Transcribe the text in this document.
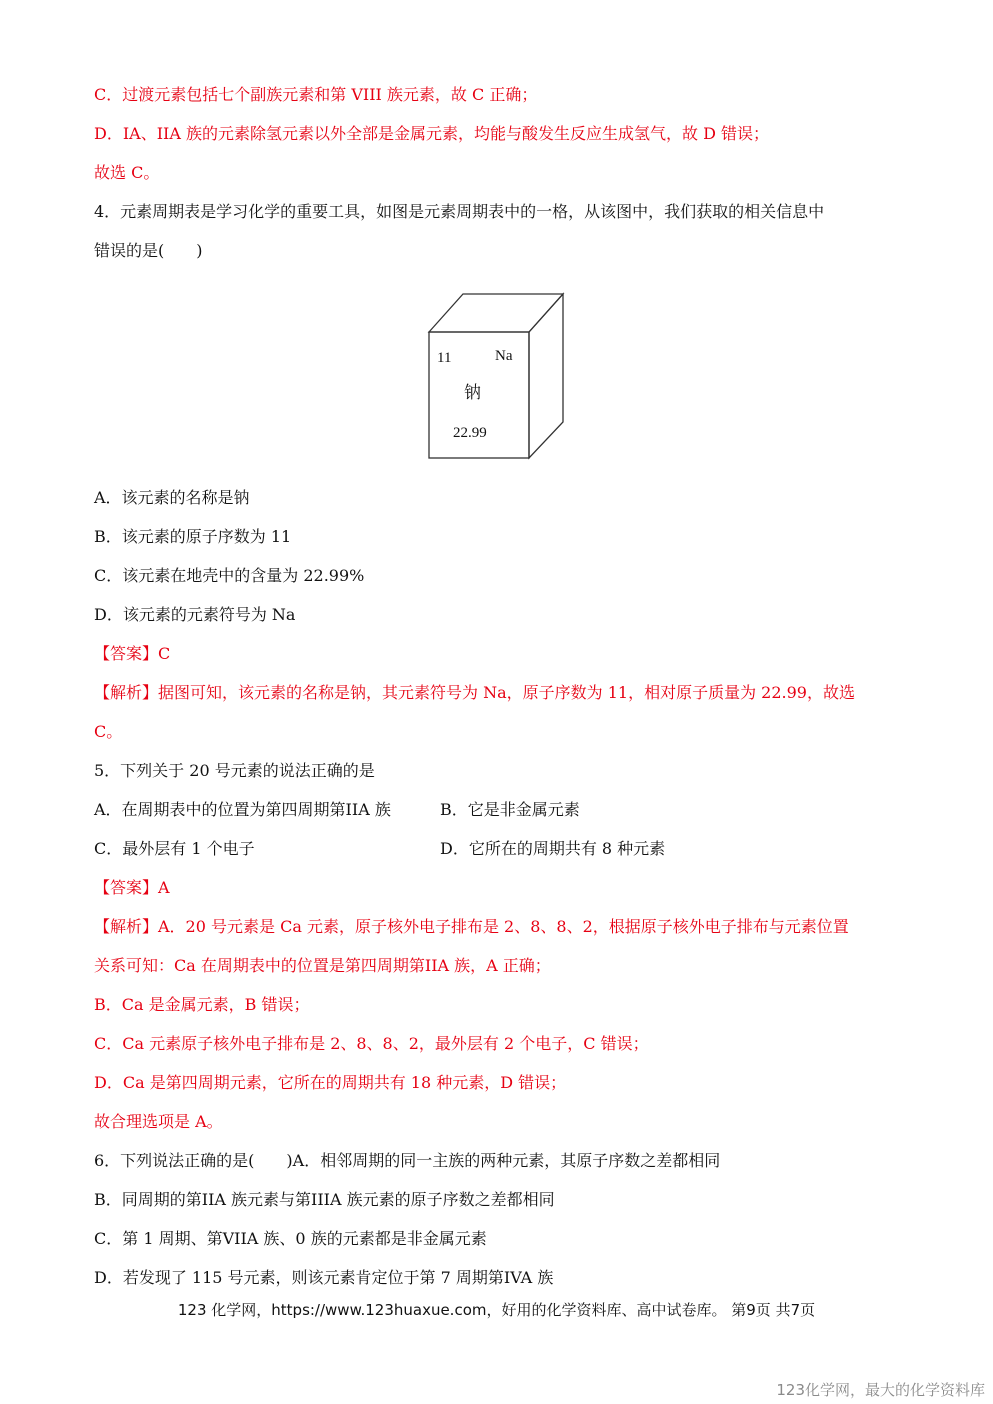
C．过渡元素包括七个副族元素和第 VIII 族元素，故 C 正确；
D．IA、IIA 族的元素除氢元素以外全部是金属元素，均能与酸发生反应生成氢气，故 D 错误；
故选 C。
4．元素周期表是学习化学的重要工具，如图是元素周期表中的一格，从该图中，我们获取的相关信息中
错误的是(　　)
11	Na
钠
22.99
A．该元素的名称是钠
B．该元素的原子序数为 11
C．该元素在地壳中的含量为 22.99%
D．该元素的元素符号为 Na
【答案】C
【解析】据图可知，该元素的名称是钠，其元素符号为 Na，原子序数为 11，相对原子质量为 22.99，故选
C。
5．下列关于 20 号元素的说法正确的是
A．在周期表中的位置为第四周期第IIA 族	B．它是非金属元素
C．最外层有 1 个电子	D．它所在的周期共有 8 种元素
【答案】A
【解析】A．20 号元素是 Ca 元素，原子核外电子排布是 2、8、8、2，根据原子核外电子排布与元素位置
关系可知：Ca 在周期表中的位置是第四周期第IIA 族，A 正确；
B．Ca 是金属元素，B 错误；
C．Ca 元素原子核外电子排布是 2、8、8、2，最外层有 2 个电子，C 错误；
D．Ca 是第四周期元素，它所在的周期共有 18 种元素，D 错误；
故合理选项是 A。
6．下列说法正确的是(　　)A．相邻周期的同一主族的两种元素，其原子序数之差都相同
B．同周期的第IIA 族元素与第IIIA 族元素的原子序数之差都相同
C．第 1 周期、第VIIA 族、0 族的元素都是非金属元素
D．若发现了 115 号元素，则该元素肯定位于第 7 周期第IVA 族
123 化学网，https://www.123huaxue.com，好用的化学资料库、高中试卷库。 第9页 共7页
123化学网，最大的化学资料库
